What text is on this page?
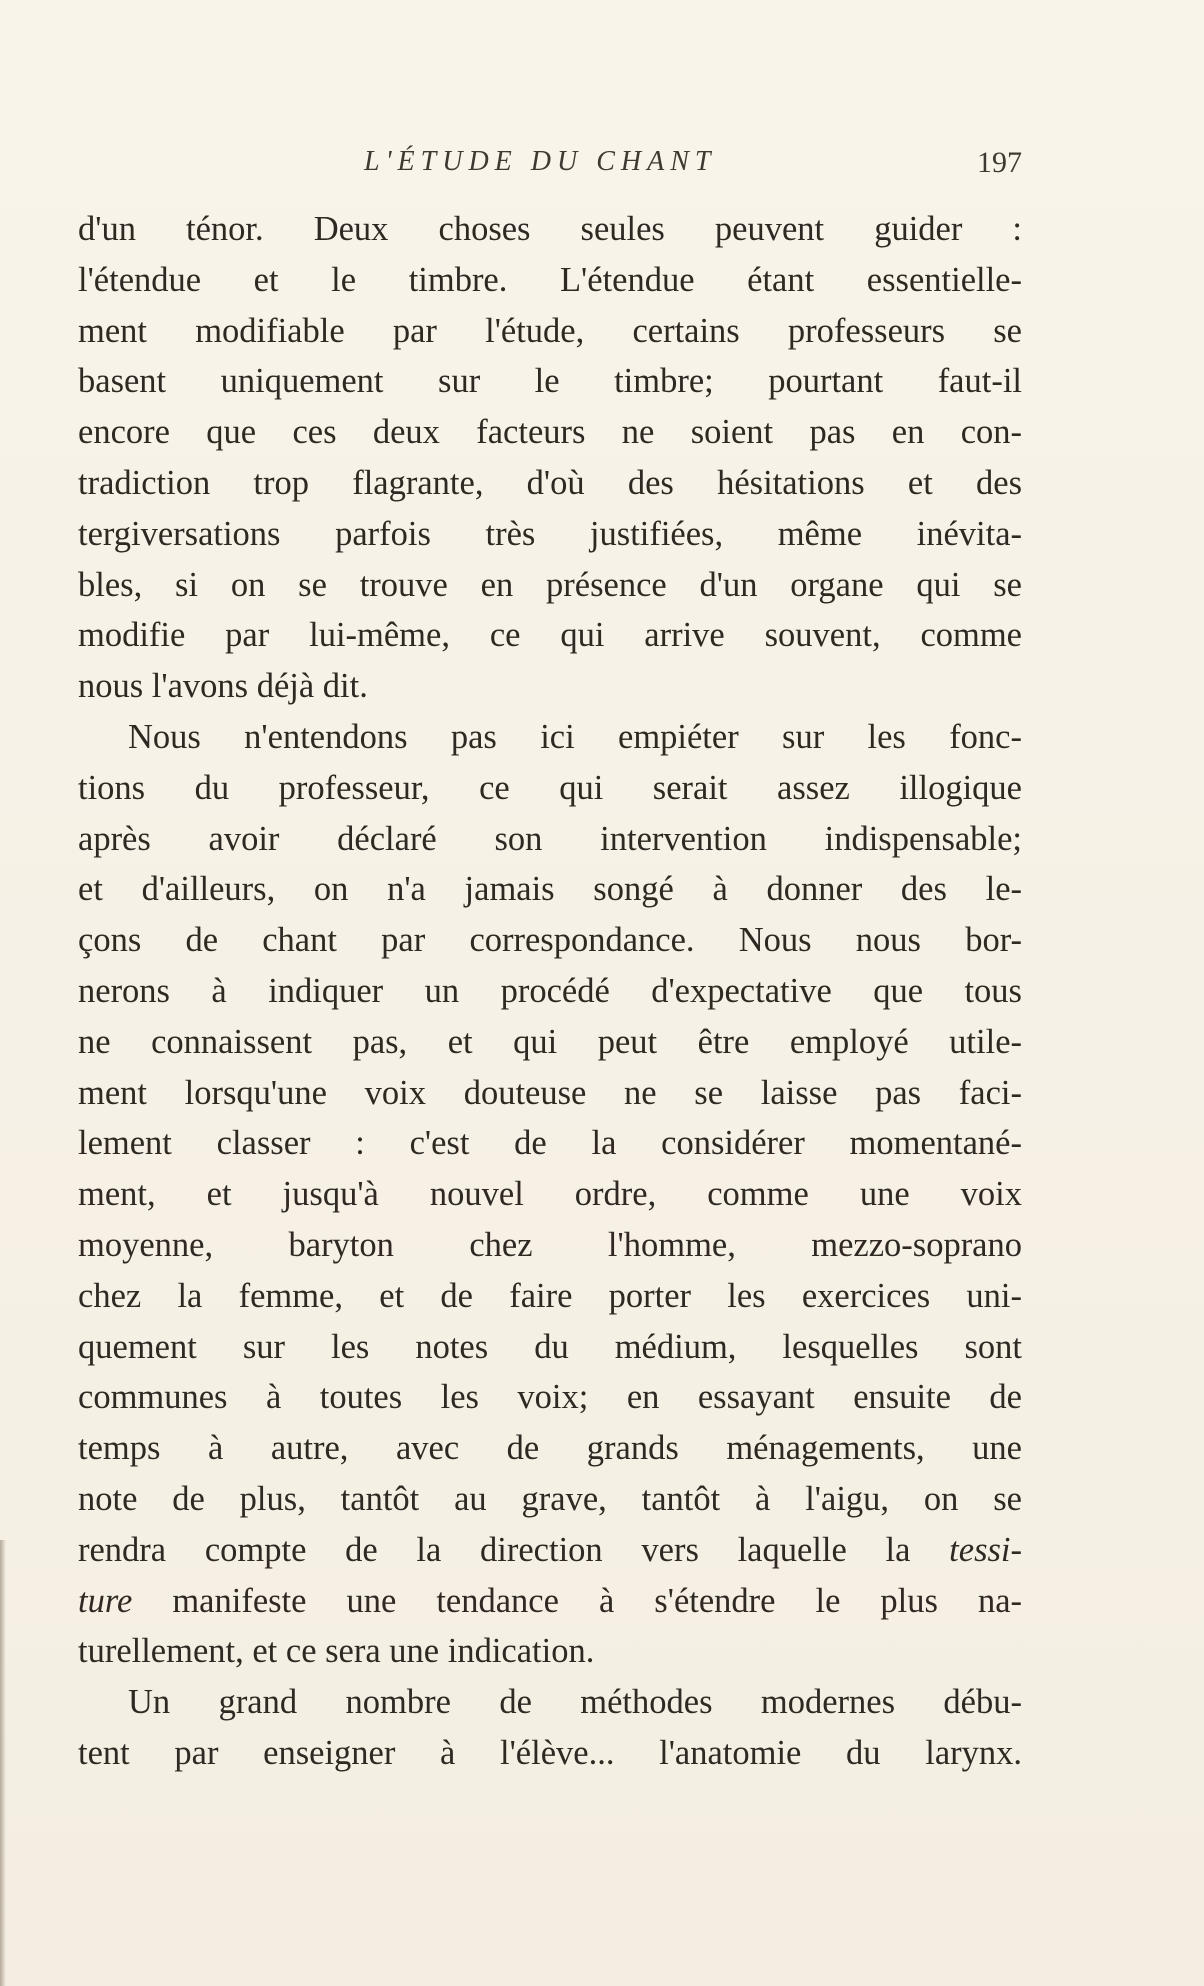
L'ÉTUDE DU CHANT	197
d'un ténor. Deux choses seules peuvent guider :
l'étendue et le timbre. L'étendue étant essentielle-
ment modifiable par l'étude, certains professeurs se
basent uniquement sur le timbre; pourtant faut-il
encore que ces deux facteurs ne soient pas en con-
tradiction trop flagrante, d'où des hésitations et des
tergiversations parfois très justifiées, même inévita-
bles, si on se trouve en présence d'un organe qui se
modifie par lui-même, ce qui arrive souvent, comme
nous l'avons déjà dit.
Nous n'entendons pas ici empiéter sur les fonc-
tions du professeur, ce qui serait assez illogique
après avoir déclaré son intervention indispensable;
et d'ailleurs, on n'a jamais songé à donner des le-
çons de chant par correspondance. Nous nous bor-
nerons à indiquer un procédé d'expectative que tous
ne connaissent pas, et qui peut être employé utile-
ment lorsqu'une voix douteuse ne se laisse pas faci-
lement classer : c'est de la considérer momentané-
ment, et jusqu'à nouvel ordre, comme une voix
moyenne, baryton chez l'homme, mezzo-soprano
chez la femme, et de faire porter les exercices uni-
quement sur les notes du médium, lesquelles sont
communes à toutes les voix; en essayant ensuite de
temps à autre, avec de grands ménagements, une
note de plus, tantôt au grave, tantôt à l'aigu, on se
rendra compte de la direction vers laquelle la tessi-
ture manifeste une tendance à s'étendre le plus na-
turellement, et ce sera une indication.
Un grand nombre de méthodes modernes débu-
tent par enseigner à l'élève... l'anatomie du larynx.
